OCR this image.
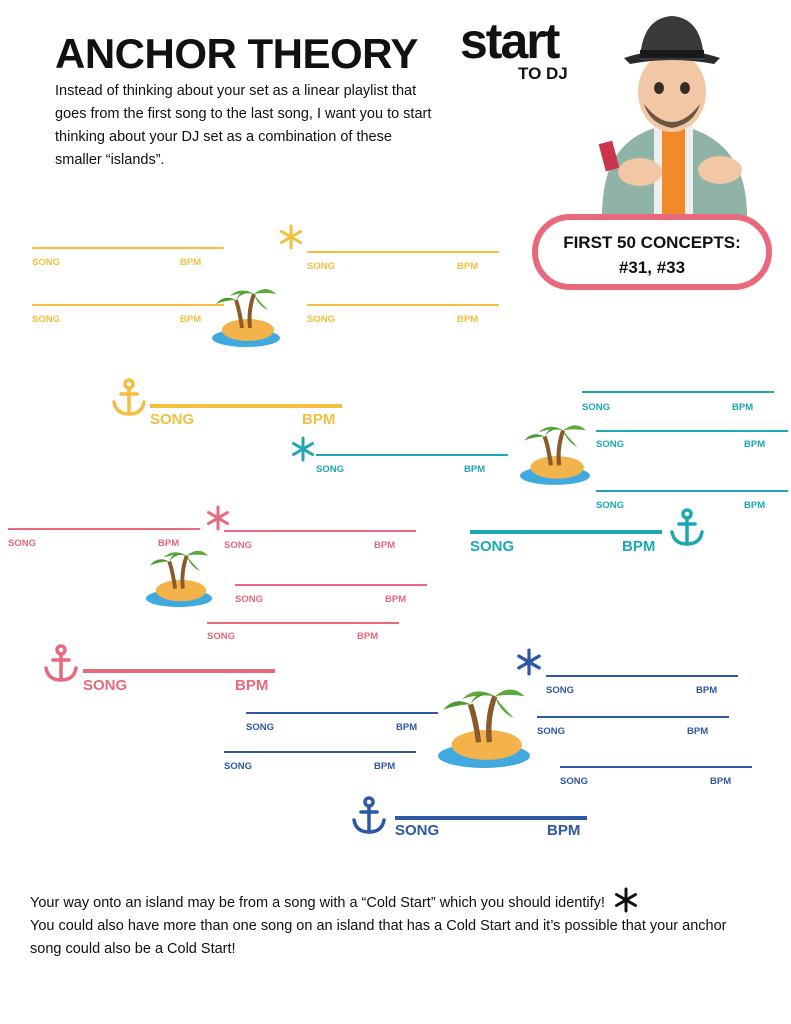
ANCHOR THEORY
Instead of thinking about your set as a linear playlist that goes from the first song to the last song, I want you to start thinking about your DJ set as a combination of these smaller “islands”.
start
TO DJ
FIRST 50 CONCEPTS:
#31, #33
SONG	BPM	SONG	BPM
SONG	BPM	SONG	BPM
SONG	BPM
SONG	BPM
SONG	BPM
SONG	BPM
SONG	BPM
SONG	BPM
SONG	BPM	SONG	BPM
SONG	BPM
SONG	BPM
SONG	BPM	SONG	BPM
SONG	BPM	SONG	BPM
SONG	BPM
SONG	BPM
SONG	BPM
Your way onto an island may be from a song with a “Cold Start” which you should identify!
You could also have more than one song on an island that has a Cold Start and it’s possible that your anchor song could also be a Cold Start!
